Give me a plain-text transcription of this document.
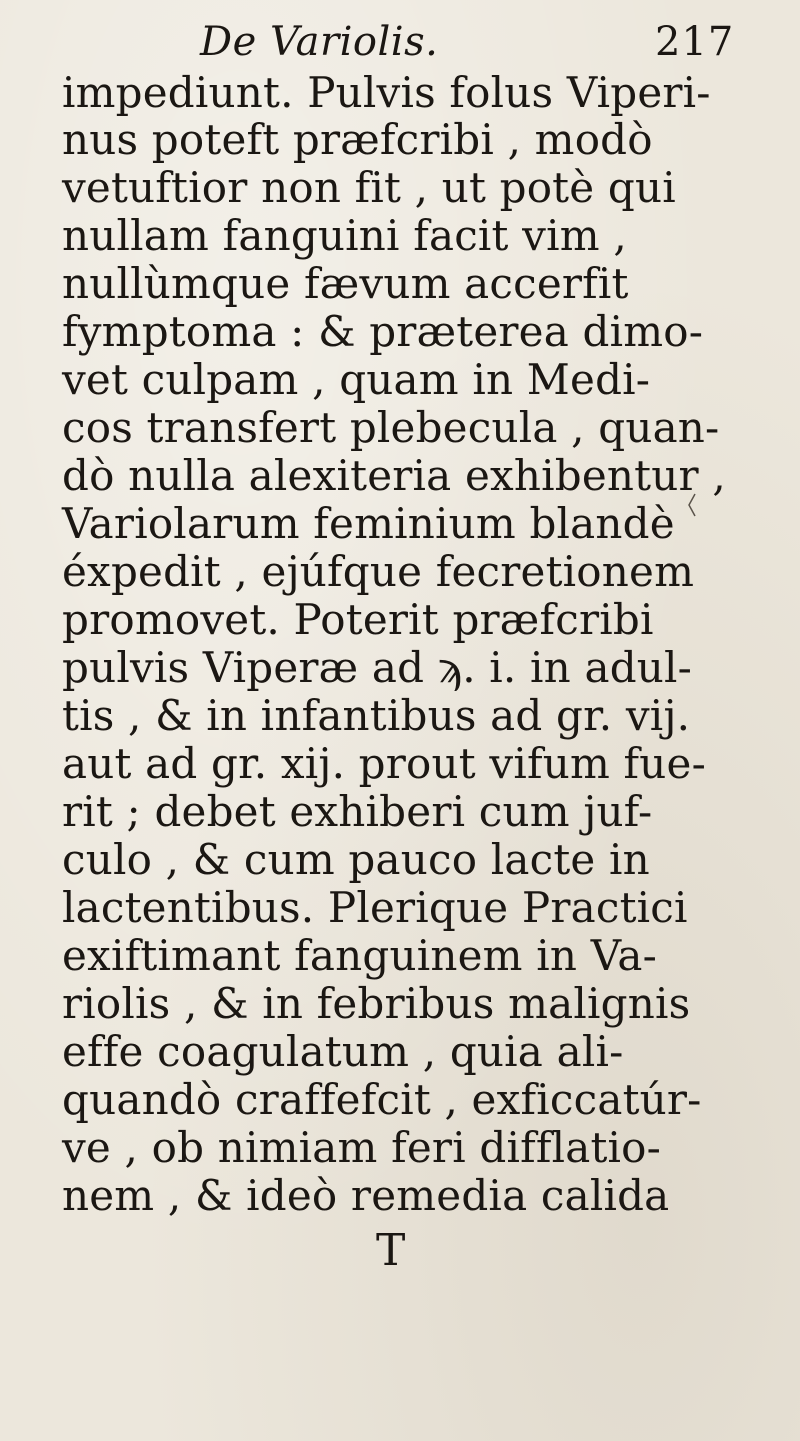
De Variolis.	217
impediunt. Pulvis folus Viperi-
nus poteft præfcribi , modò
vetuftior non fit , ut potè qui
nullam fanguini facit vim ,
nullùmque fævum accerfit
fymptoma : & præterea dimo-
vet culpam , quam in Medi-
cos transfert plebecula , quan-
dò nulla alexiteria exhibentur ,
Variolarum feminium blandè
éxpedit , ejúfque fecretionem
promovet. Poterit præfcribi
pulvis Viperæ ad ϡ. i. in adul-
tis , & in infantibus ad gr. vij.
aut ad gr. xij. prout vifum fue-
rit ; debet exhiberi cum juf-
culo , & cum pauco lacte in
lactentibus. Plerique Practici
exiftimant fanguinem in Va-
riolis , & in febribus malignis
effe coagulatum , quia ali-
quandò craffefcit , exficcatúr-
ve , ob nimiam feri difflatio-
nem , & ideò remedia calida
T
